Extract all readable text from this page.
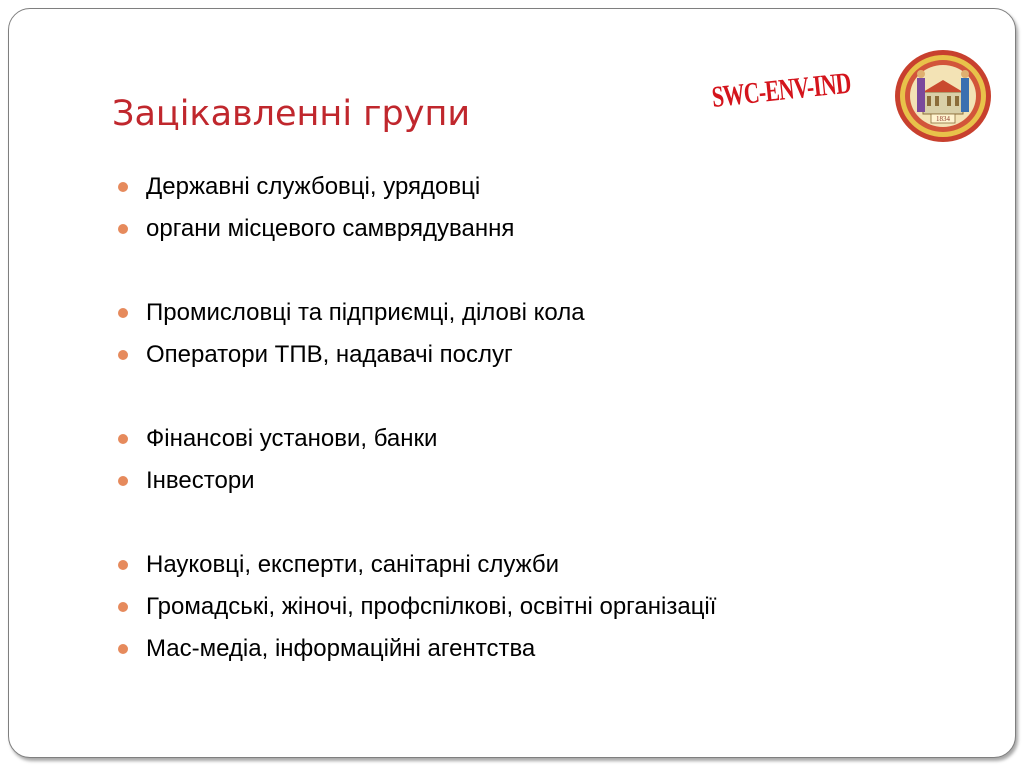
Зацікавленні групи
SWC-ENV-IND
1834
Державні службовці, урядовці
органи місцевого самврядування
Промисловці та підприємці, ділові кола
Оператори ТПВ, надавачі послуг
Фінансові установи, банки
Інвестори
Науковці, експерти, санітарні служби
Громадські, жіночі, профспілкові, освітні організації
Мас-медіа, інформаційні агентства
